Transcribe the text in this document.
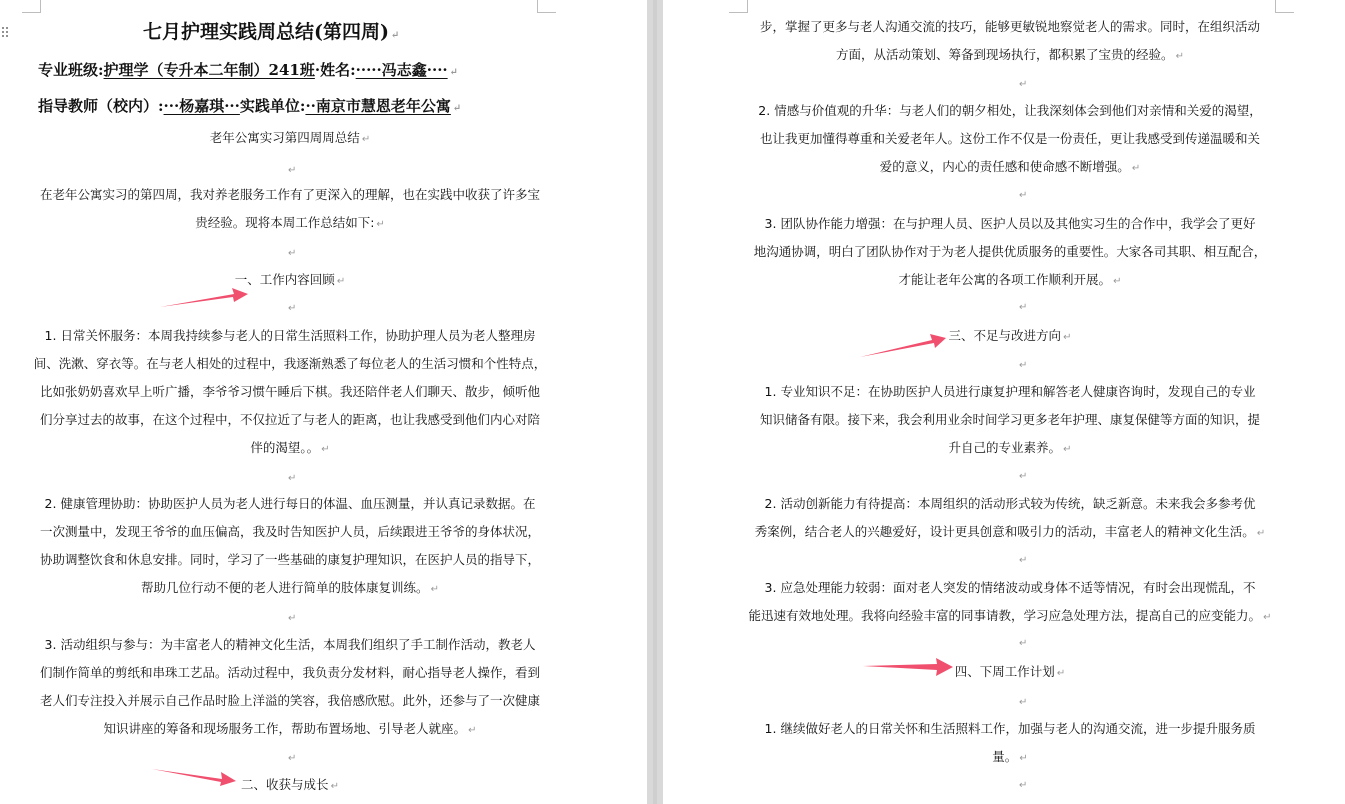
七月护理实践周总结(第四周) ↵
专业班级:护理学（专升本二年制）241班·姓名:·····冯志鑫···· ↵
指导教师（校内）:···杨嘉琪···实践单位:··南京市慧恩老年公寓 ↵
老年公寓实习第四周周总结 ↵
↵
在老年公寓实习的第四周，我对养老服务工作有了更深入的理解，也在实践中收获了许多宝
贵经验。现将本周工作总结如下: ↵
↵
一、工作内容回顾 ↵
↵
1. 日常关怀服务：本周我持续参与老人的日常生活照料工作，协助护理人员为老人整理房
间、洗漱、穿衣等。在与老人相处的过程中，我逐渐熟悉了每位老人的生活习惯和个性特点，
比如张奶奶喜欢早上听广播，李爷爷习惯午睡后下棋。我还陪伴老人们聊天、散步，倾听他
们分享过去的故事，在这个过程中，不仅拉近了与老人的距离，也让我感受到他们内心对陪
伴的渴望。。 ↵
↵
2. 健康管理协助：协助医护人员为老人进行每日的体温、血压测量，并认真记录数据。在
一次测量中，发现王爷爷的血压偏高，我及时告知医护人员，后续跟进王爷爷的身体状况，
协助调整饮食和休息安排。同时，学习了一些基础的康复护理知识，在医护人员的指导下，
帮助几位行动不便的老人进行简单的肢体康复训练。 ↵
↵
3. 活动组织与参与：为丰富老人的精神文化生活，本周我们组织了手工制作活动，教老人
们制作简单的剪纸和串珠工艺品。活动过程中，我负责分发材料，耐心指导老人操作，看到
老人们专注投入并展示自己作品时脸上洋溢的笑容，我倍感欣慰。此外，还参与了一次健康
知识讲座的筹备和现场服务工作，帮助布置场地、引导老人就座。 ↵
↵
二、收获与成长 ↵
步，掌握了更多与老人沟通交流的技巧，能够更敏锐地察觉老人的需求。同时，在组织活动
方面，从活动策划、筹备到现场执行，都积累了宝贵的经验。 ↵
↵
2. 情感与价值观的升华：与老人们的朝夕相处，让我深刻体会到他们对亲情和关爱的渴望，
也让我更加懂得尊重和关爱老年人。这份工作不仅是一份责任，更让我感受到传递温暖和关
爱的意义，内心的责任感和使命感不断增强。 ↵
↵
3. 团队协作能力增强：在与护理人员、医护人员以及其他实习生的合作中，我学会了更好
地沟通协调，明白了团队协作对于为老人提供优质服务的重要性。大家各司其职、相互配合，
才能让老年公寓的各项工作顺利开展。 ↵
↵
三、不足与改进方向 ↵
↵
1. 专业知识不足：在协助医护人员进行康复护理和解答老人健康咨询时，发现自己的专业
知识储备有限。接下来，我会利用业余时间学习更多老年护理、康复保健等方面的知识，提
升自己的专业素养。 ↵
↵
2. 活动创新能力有待提高：本周组织的活动形式较为传统，缺乏新意。未来我会多参考优
秀案例，结合老人的兴趣爱好，设计更具创意和吸引力的活动，丰富老人的精神文化生活。 ↵
↵
3. 应急处理能力较弱：面对老人突发的情绪波动或身体不适等情况，有时会出现慌乱，不
能迅速有效地处理。我将向经验丰富的同事请教，学习应急处理方法，提高自己的应变能力。 ↵
↵
四、下周工作计划 ↵
↵
1. 继续做好老人的日常关怀和生活照料工作，加强与老人的沟通交流，进一步提升服务质
量。 ↵
↵
